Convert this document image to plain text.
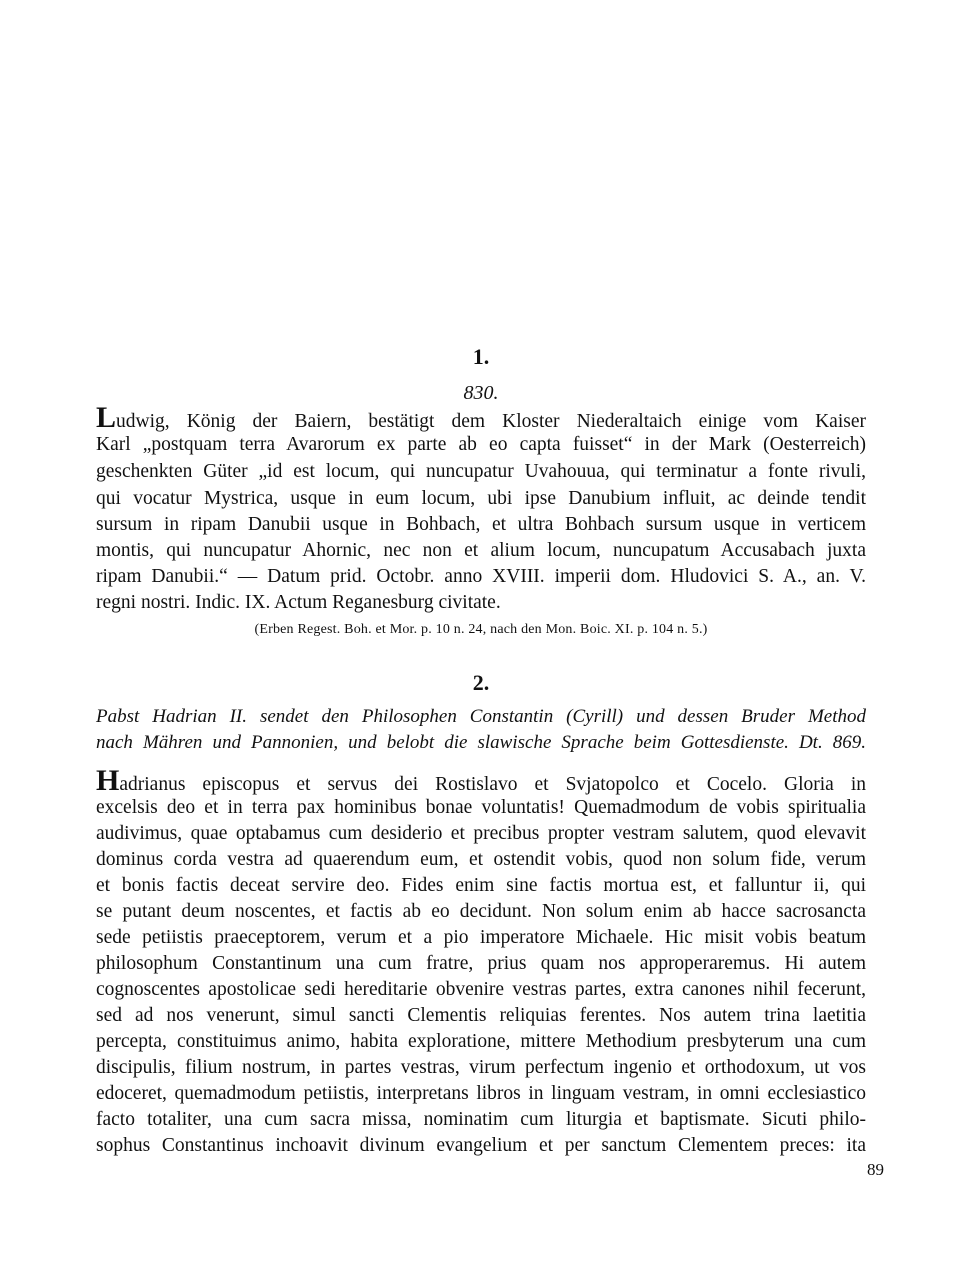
1.
830.
Ludwig, König der Baiern, bestätigt dem Kloster Niederaltaich einige vom Kaiser
Karl „postquam terra Avarorum ex parte ab eo capta fuisset“ in der Mark (Oesterreich)
geschenkten Güter „id est locum, qui nuncupatur Uvahouua, qui terminatur a fonte rivuli,
qui vocatur Mystrica, usque in eum locum, ubi ipse Danubium influit, ac deinde tendit
sursum in ripam Danubii usque in Bohbach, et ultra Bohbach sursum usque in verticem
montis, qui nuncupatur Ahornic, nec non et alium locum, nuncupatum Accusabach juxta
ripam Danubii.“ — Datum prid. Octobr. anno XVIII. imperii dom. Hludovici S. A., an. V.
regni nostri. Indic. IX. Actum Reganesburg civitate.
(Erben Regest. Boh. et Mor. p. 10 n. 24, nach den Mon. Boic. XI. p. 104 n. 5.)
2.
Pabst Hadrian II. sendet den Philosophen Constantin (Cyrill) und dessen Bruder Method
nach Mähren und Pannonien, und belobt die slawische Sprache beim Gottesdienste. Dt. 869.
Hadrianus episcopus et servus dei Rostislavo et Svjatopolco et Cocelo. Gloria in
excelsis deo et in terra pax hominibus bonae voluntatis! Quemadmodum de vobis spiritualia
audivimus, quae optabamus cum desiderio et precibus propter vestram salutem, quod elevavit
dominus corda vestra ad quaerendum eum, et ostendit vobis, quod non solum fide, verum
et bonis factis deceat servire deo. Fides enim sine factis mortua est, et falluntur ii, qui
se putant deum noscentes, et factis ab eo decidunt. Non solum enim ab hacce sacrosancta
sede petiistis praeceptorem, verum et a pio imperatore Michaele. Hic misit vobis beatum
philosophum Constantinum una cum fratre, prius quam nos approperaremus. Hi autem
cognoscentes apostolicae sedi hereditarie obvenire vestras partes, extra canones nihil fecerunt,
sed ad nos venerunt, simul sancti Clementis reliquias ferentes. Nos autem trina laetitia
percepta, constituimus animo, habita exploratione, mittere Methodium presbyterum una cum
discipulis, filium nostrum, in partes vestras, virum perfectum ingenio et orthodoxum, ut vos
edoceret, quemadmodum petiistis, interpretans libros in linguam vestram, in omni ecclesiastico
facto totaliter, una cum sacra missa, nominatim cum liturgia et baptismate. Sicuti philo-
sophus Constantinus inchoavit divinum evangelium et per sanctum Clementem preces: ita
89
